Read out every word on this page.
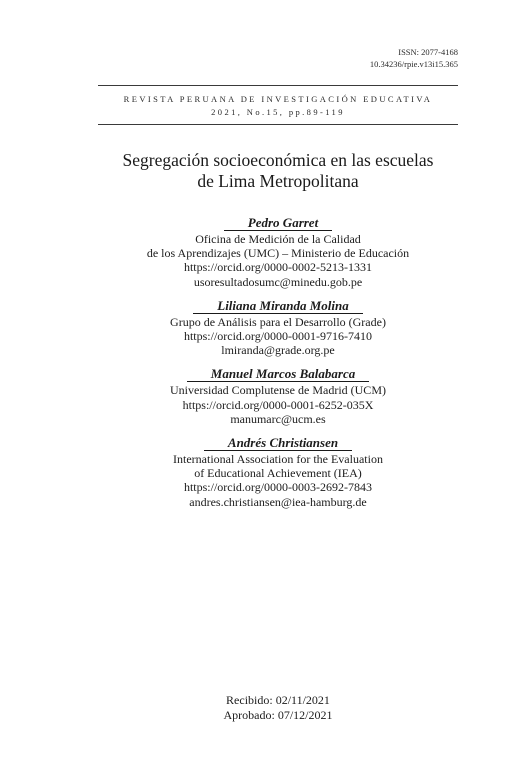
ISSN: 2077-4168
10.34236/rpie.v13i15.365
REVISTA PERUANA DE INVESTIGACIÓN EDUCATIVA
2021, No.15, pp.89-119
Segregación socioeconómica en las escuelas
de Lima Metropolitana
Pedro Garret
Oficina de Medición de la Calidad
de los Aprendizajes (UMC) – Ministerio de Educación
https://orcid.org/0000-0002-5213-1331
usoresultadosumc@minedu.gob.pe
Liliana Miranda Molina
Grupo de Análisis para el Desarrollo (Grade)
https://orcid.org/0000-0001-9716-7410
lmiranda@grade.org.pe
Manuel Marcos Balabarca
Universidad Complutense de Madrid (UCM)
https://orcid.org/0000-0001-6252-035X
manumarc@ucm.es
Andrés Christiansen
International Association for the Evaluation
of Educational Achievement (IEA)
https://orcid.org/0000-0003-2692-7843
andres.christiansen@iea-hamburg.de
Recibido: 02/11/2021
Aprobado: 07/12/2021
